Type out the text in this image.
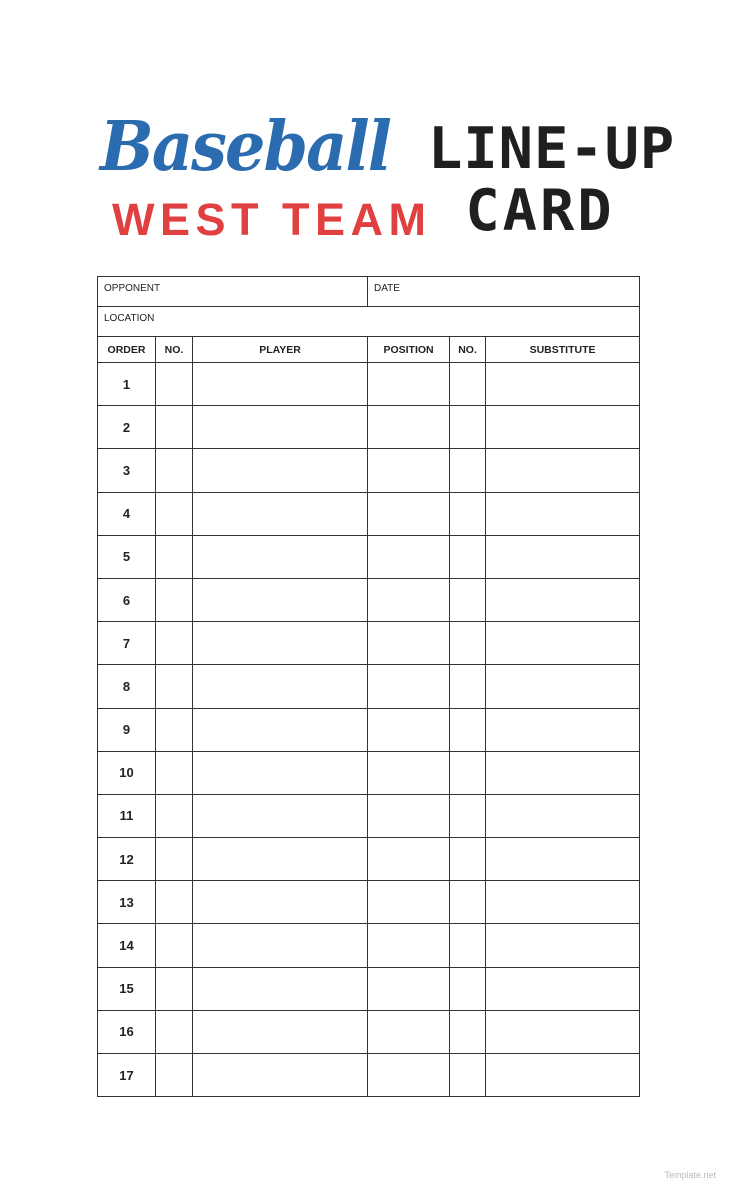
Baseball
WEST TEAM
LINE-UP
CARD
OPPONENT			DATE		
LOCATION					
ORDER	NO.	PLAYER	POSITION	NO.	SUBSTITUTE
1					
2					
3					
4					
5					
6					
7					
8					
9					
10					
11					
12					
13					
14					
15					
16					
17					
Template.net
